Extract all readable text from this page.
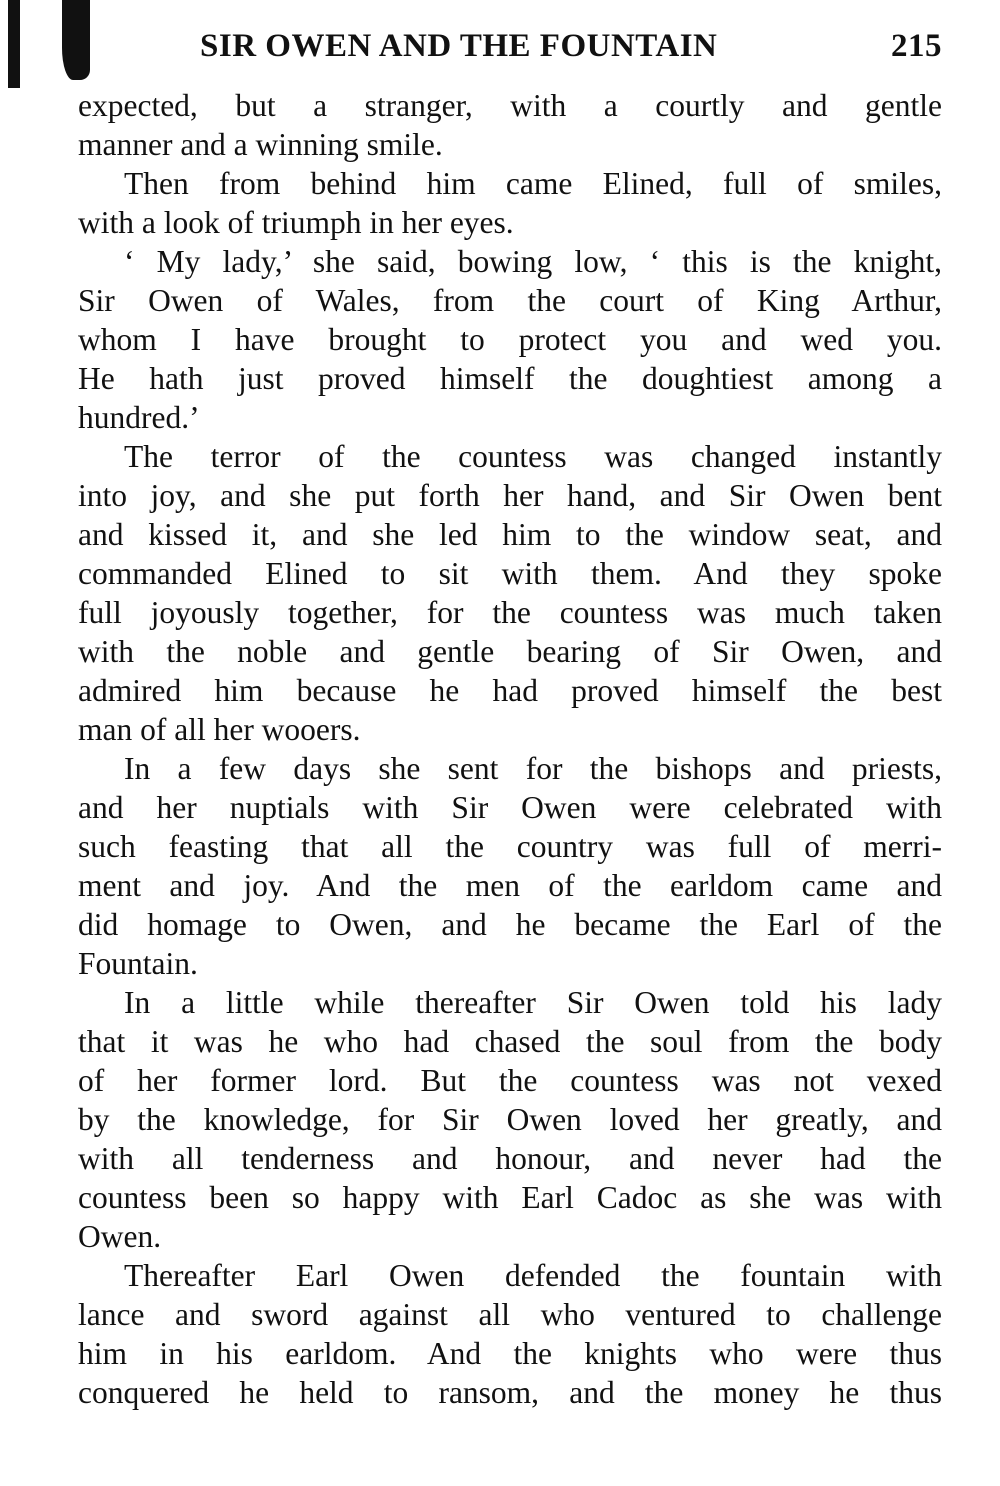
SIR OWEN AND THE FOUNTAIN	215

expected, but a stranger, with a courtly and gentle
manner and a winning smile.

Then from behind him came Elined, full of smiles,
with a look of triumph in her eyes.

‘ My lady,’ she said, bowing low, ‘ this is the knight,
Sir Owen of Wales, from the court of King Arthur,
whom I have brought to protect you and wed you.
He hath just proved himself the doughtiest among a
hundred.’

The terror of the countess was changed instantly
into joy, and she put forth her hand, and Sir Owen bent
and kissed it, and she led him to the window seat, and
commanded Elined to sit with them. And they spoke
full joyously together, for the countess was much taken
with the noble and gentle bearing of Sir Owen, and
admired him because he had proved himself the best
man of all her wooers.

In a few days she sent for the bishops and priests,
and her nuptials with Sir Owen were celebrated with
such feasting that all the country was full of merri-
ment and joy. And the men of the earldom came and
did homage to Owen, and he became the Earl of the
Fountain.

In a little while thereafter Sir Owen told his lady
that it was he who had chased the soul from the body
of her former lord. But the countess was not vexed
by the knowledge, for Sir Owen loved her greatly, and
with all tenderness and honour, and never had the
countess been so happy with Earl Cadoc as she was with
Owen.

Thereafter Earl Owen defended the fountain with
lance and sword against all who ventured to challenge
him in his earldom. And the knights who were thus
conquered he held to ransom, and the money he thus
